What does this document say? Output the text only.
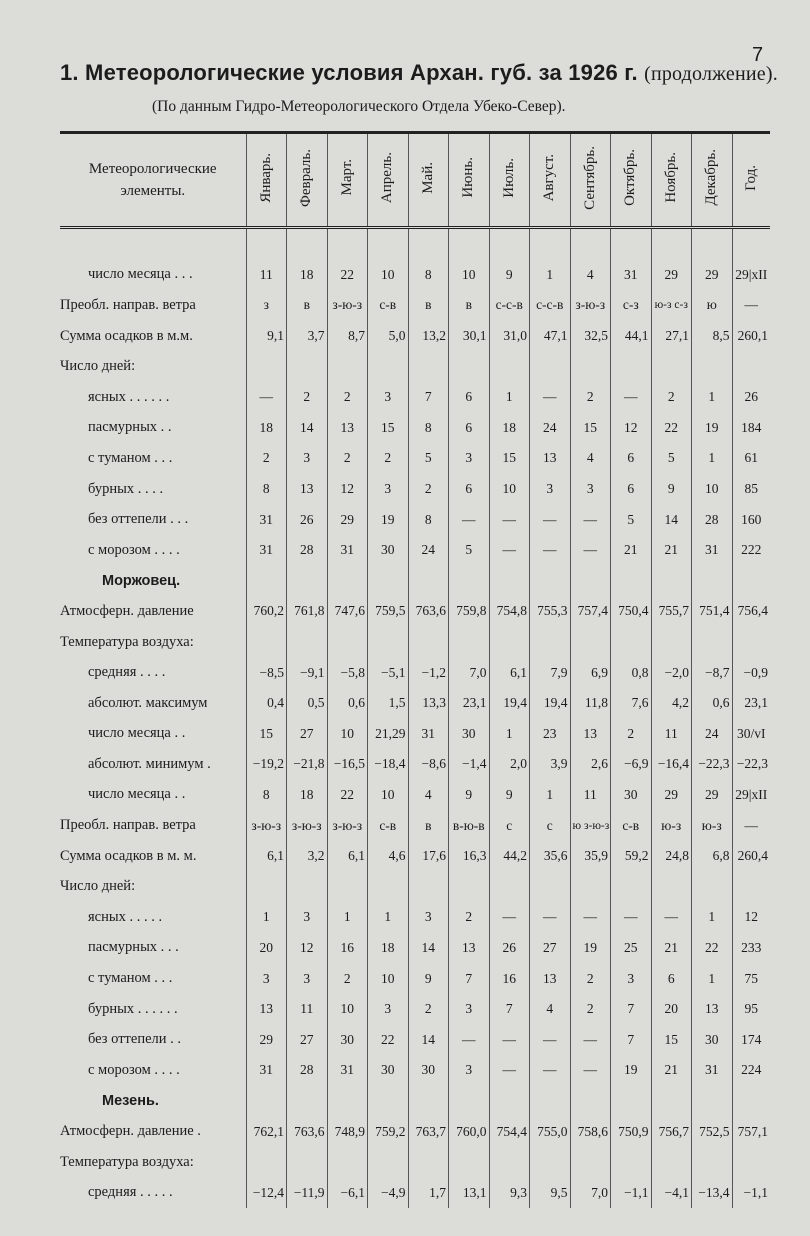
7
1. Метеорологические условия Архан. губ. за 1926 г. (продолжение).
(По данным Гидро-Метеорологического Отдела Убеко-Север).
Метеорологические элементы.	Январь.	Февраль.	Март.	Апрель.	Май.	Июнь.	Июль.	Август.	Сентябрь.	Октябрь.	Ноябрь.	Декабрь.	Год.

число месяца . . .	11	18	22	10	8	10	9	1	4	31	29	29	29|xII
Преобл. направ. ветра	з	в	з-ю-з	с-в	в	в	с-с-в	с-с-в	з-ю-з	с-з	ю-з с-з	ю	—
Сумма осадков в м.м.	9,1	3,7	8,7	5,0	13,2	30,1	31,0	47,1	32,5	44,1	27,1	8,5	260,1
Число дней:													
ясных . . . . . .	—	2	2	3	7	6	1	—	2	—	2	1	26
пасмурных . .	18	14	13	15	8	6	18	24	15	12	22	19	184
с туманом . . .	2	3	2	2	5	3	15	13	4	6	5	1	61
бурных . . . .	8	13	12	3	2	6	10	3	3	6	9	10	85
без оттепели . . .	31	26	29	19	8	—	—	—	—	5	14	28	160
с морозом . . . .	31	28	31	30	24	5	—	—	—	21	21	31	222
Моржовец.													
Атмосферн. давление	760,2	761,8	747,6	759,5	763,6	759,8	754,8	755,3	757,4	750,4	755,7	751,4	756,4
Температура воздуха:													
средняя . . . .	−8,5	−9,1	−5,8	−5,1	−1,2	7,0	6,1	7,9	6,9	0,8	−2,0	−8,7	−0,9
абсолют. максимум	0,4	0,5	0,6	1,5	13,3	23,1	19,4	19,4	11,8	7,6	4,2	0,6	23,1
число месяца . .	15	27	10	21,29	31	30	1	23	13	2	11	24	30/vI
абсолют. минимум .	−19,2	−21,8	−16,5	−18,4	−8,6	−1,4	2,0	3,9	2,6	−6,9	−16,4	−22,3	−22,3
число месяца . .	8	18	22	10	4	9	9	1	11	30	29	29	29|xII
Преобл. направ. ветра	з-ю-з	з-ю-з	з-ю-з	с-в	в	в-ю-в	с	с	ю з-ю-з	с-в	ю-з	ю-з	—
Сумма осадков в м. м.	6,1	3,2	6,1	4,6	17,6	16,3	44,2	35,6	35,9	59,2	24,8	6,8	260,4
Число дней:													
ясных . . . . .	1	3	1	1	3	2	—	—	—	—	—	1	12
пасмурных . . .	20	12	16	18	14	13	26	27	19	25	21	22	233
с туманом . . .	3	3	2	10	9	7	16	13	2	3	6	1	75
бурных . . . . . .	13	11	10	3	2	3	7	4	2	7	20	13	95
без оттепели . .	29	27	30	22	14	—	—	—	—	7	15	30	174
с морозом . . . .	31	28	31	30	30	3	—	—	—	19	21	31	224
Мезень.													
Атмосферн. давление .	762,1	763,6	748,9	759,2	763,7	760,0	754,4	755,0	758,6	750,9	756,7	752,5	757,1
Температура воздуха:													
средняя . . . . .	−12,4	−11,9	−6,1	−4,9	1,7	13,1	9,3	9,5	7,0	−1,1	−4,1	−13,4	−1,1
